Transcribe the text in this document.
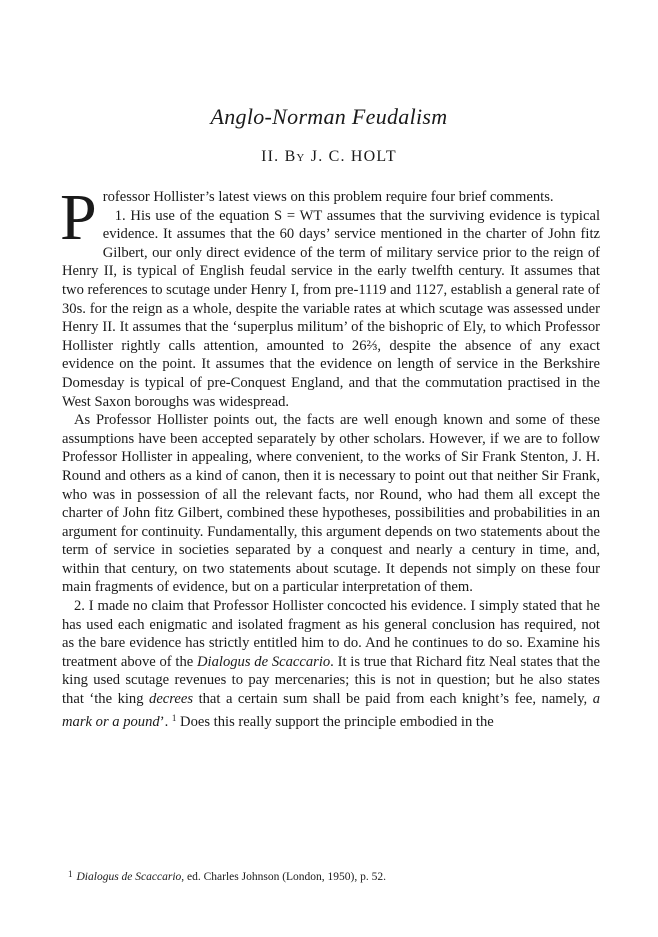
Anglo-Norman Feudalism
II. By J. C. HOLT

Professor Hollister’s latest views on this problem require four brief comments.

1. His use of the equation S = WT assumes that the surviving evidence is typical evidence. It assumes that the 60 days’ service mentioned in the charter of John fitz Gilbert, our only direct evidence of the term of military service prior to the reign of Henry II, is typical of English feudal service in the early twelfth century. It assumes that two references to scutage under Henry I, from pre-1119 and 1127, establish a general rate of 30s. for the reign as a whole, despite the variable rates at which scutage was assessed under Henry II. It assumes that the ‘superplus militum’ of the bishopric of Ely, to which Professor Hollister rightly calls attention, amounted to 26⅔, despite the absence of any exact evidence on the point. It assumes that the evidence on length of service in the Berkshire Domesday is typical of pre-Conquest England, and that the commutation practised in the West Saxon boroughs was widespread.

As Professor Hollister points out, the facts are well enough known and some of these assumptions have been accepted separately by other scholars. However, if we are to follow Professor Hollister in appealing, where convenient, to the works of Sir Frank Stenton, J. H. Round and others as a kind of canon, then it is necessary to point out that neither Sir Frank, who was in possession of all the relevant facts, nor Round, who had them all except the charter of John fitz Gilbert, combined these hypotheses, possibilities and probabilities in an argument for continuity. Fundamentally, this argument depends on two statements about the term of service in societies separated by a conquest and nearly a century in time, and, within that century, on two statements about scutage. It depends not simply on these four main fragments of evidence, but on a particular interpretation of them.

2. I made no claim that Professor Hollister concocted his evidence. I simply stated that he has used each enigmatic and isolated fragment as his general conclusion has required, not as the bare evidence has strictly entitled him to do. And he continues to do so. Examine his treatment above of the Dialogus de Scaccario. It is true that Richard fitz Neal states that the king used scutage revenues to pay mercenaries; this is not in question; but he also states that ‘the king decrees that a certain sum shall be paid from each knight’s fee, namely, a mark or a pound’. $^1$ Does this really support the principle embodied in the

$^1$ Dialogus de Scaccario, ed. Charles Johnson (London, 1950), p. 52.
